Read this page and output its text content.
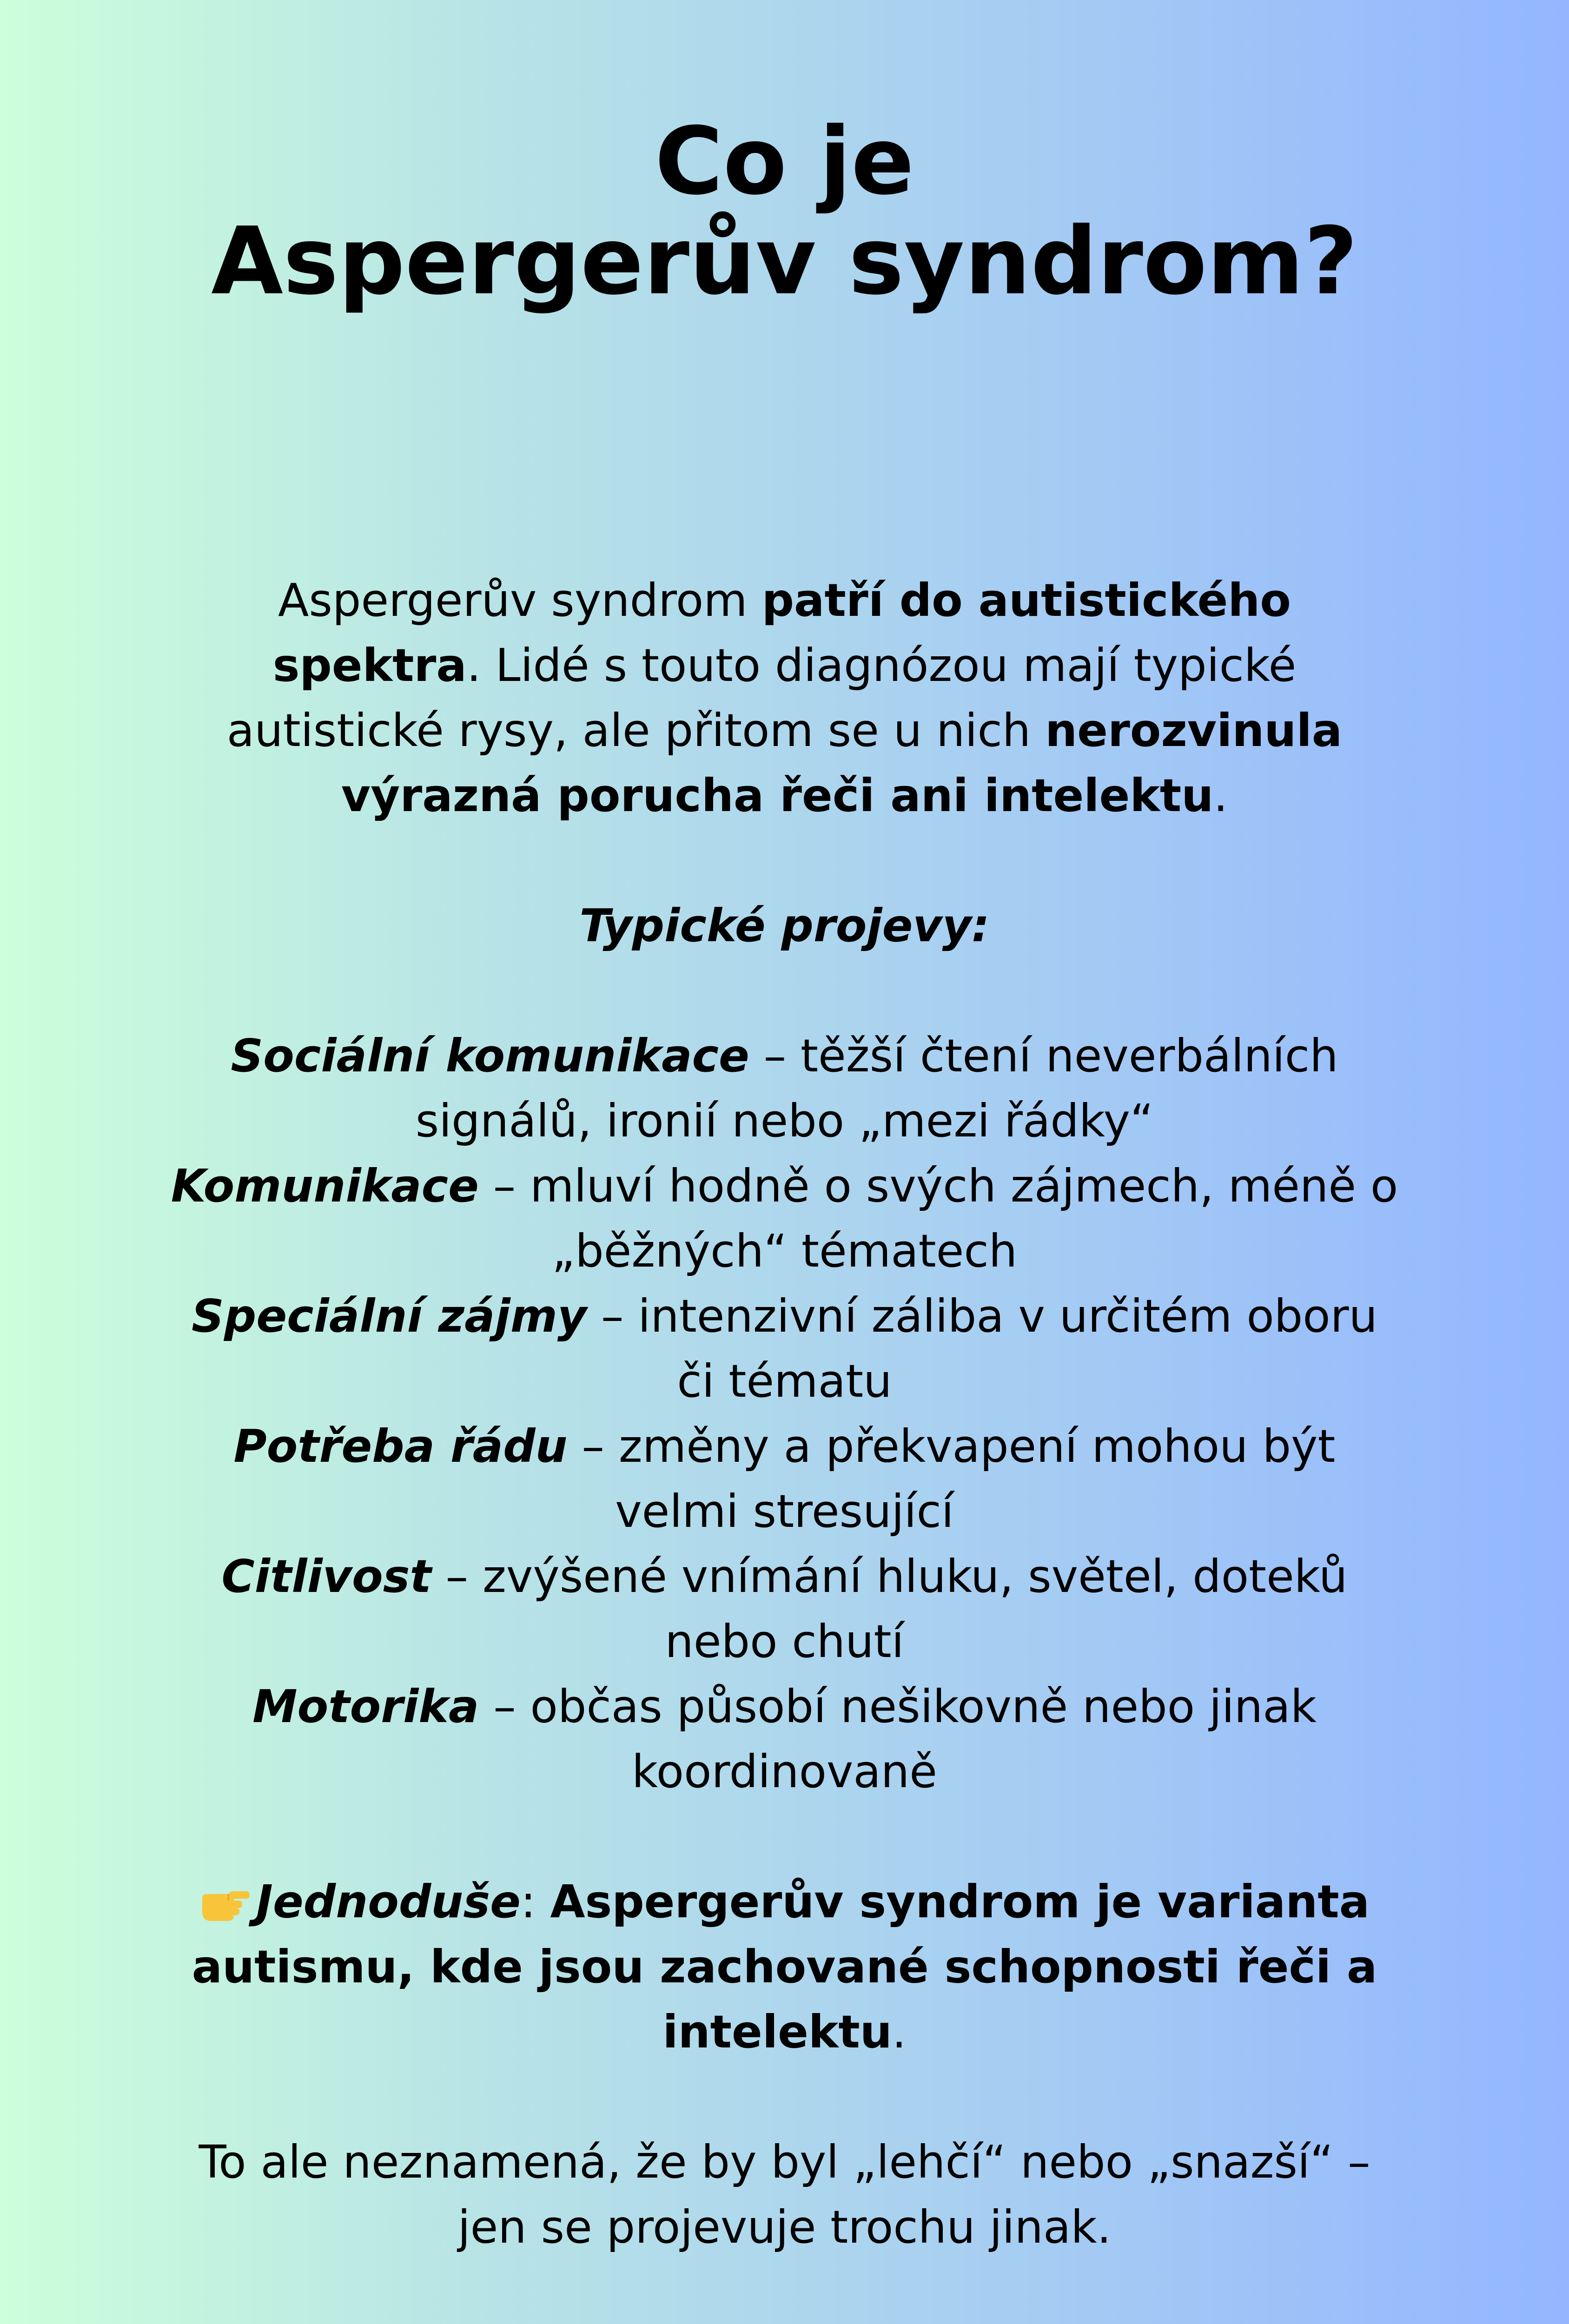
Co je
Aspergerův syndrom?

Aspergerův syndrom patří do autistického spektra. Lidé s touto diagnózou mají typické autistické rysy, ale přitom se u nich nerozvinula výrazná porucha řeči ani intelektu.

Typické projevy:

Sociální komunikace – těžší čtení neverbálních signálů, ironií nebo „mezi řádky“

Komunikace – mluví hodně o svých zájmech, méně o „běžných“ tématech

Speciální zájmy – intenzivní záliba v určitém oboru či tématu

Potřeba řádu – změny a překvapení mohou být velmi stresující

Citlivost – zvýšené vnímání hluku, světel, doteků nebo chutí

Motorika – občas působí nešikovně nebo jinak koordinovaně

Jednoduše: Aspergerův syndrom je varianta autismu, kde jsou zachované schopnosti řeči a intelektu.

To ale neznamená, že by byl „lehčí“ nebo „snazší“ – jen se projevuje trochu jinak.
